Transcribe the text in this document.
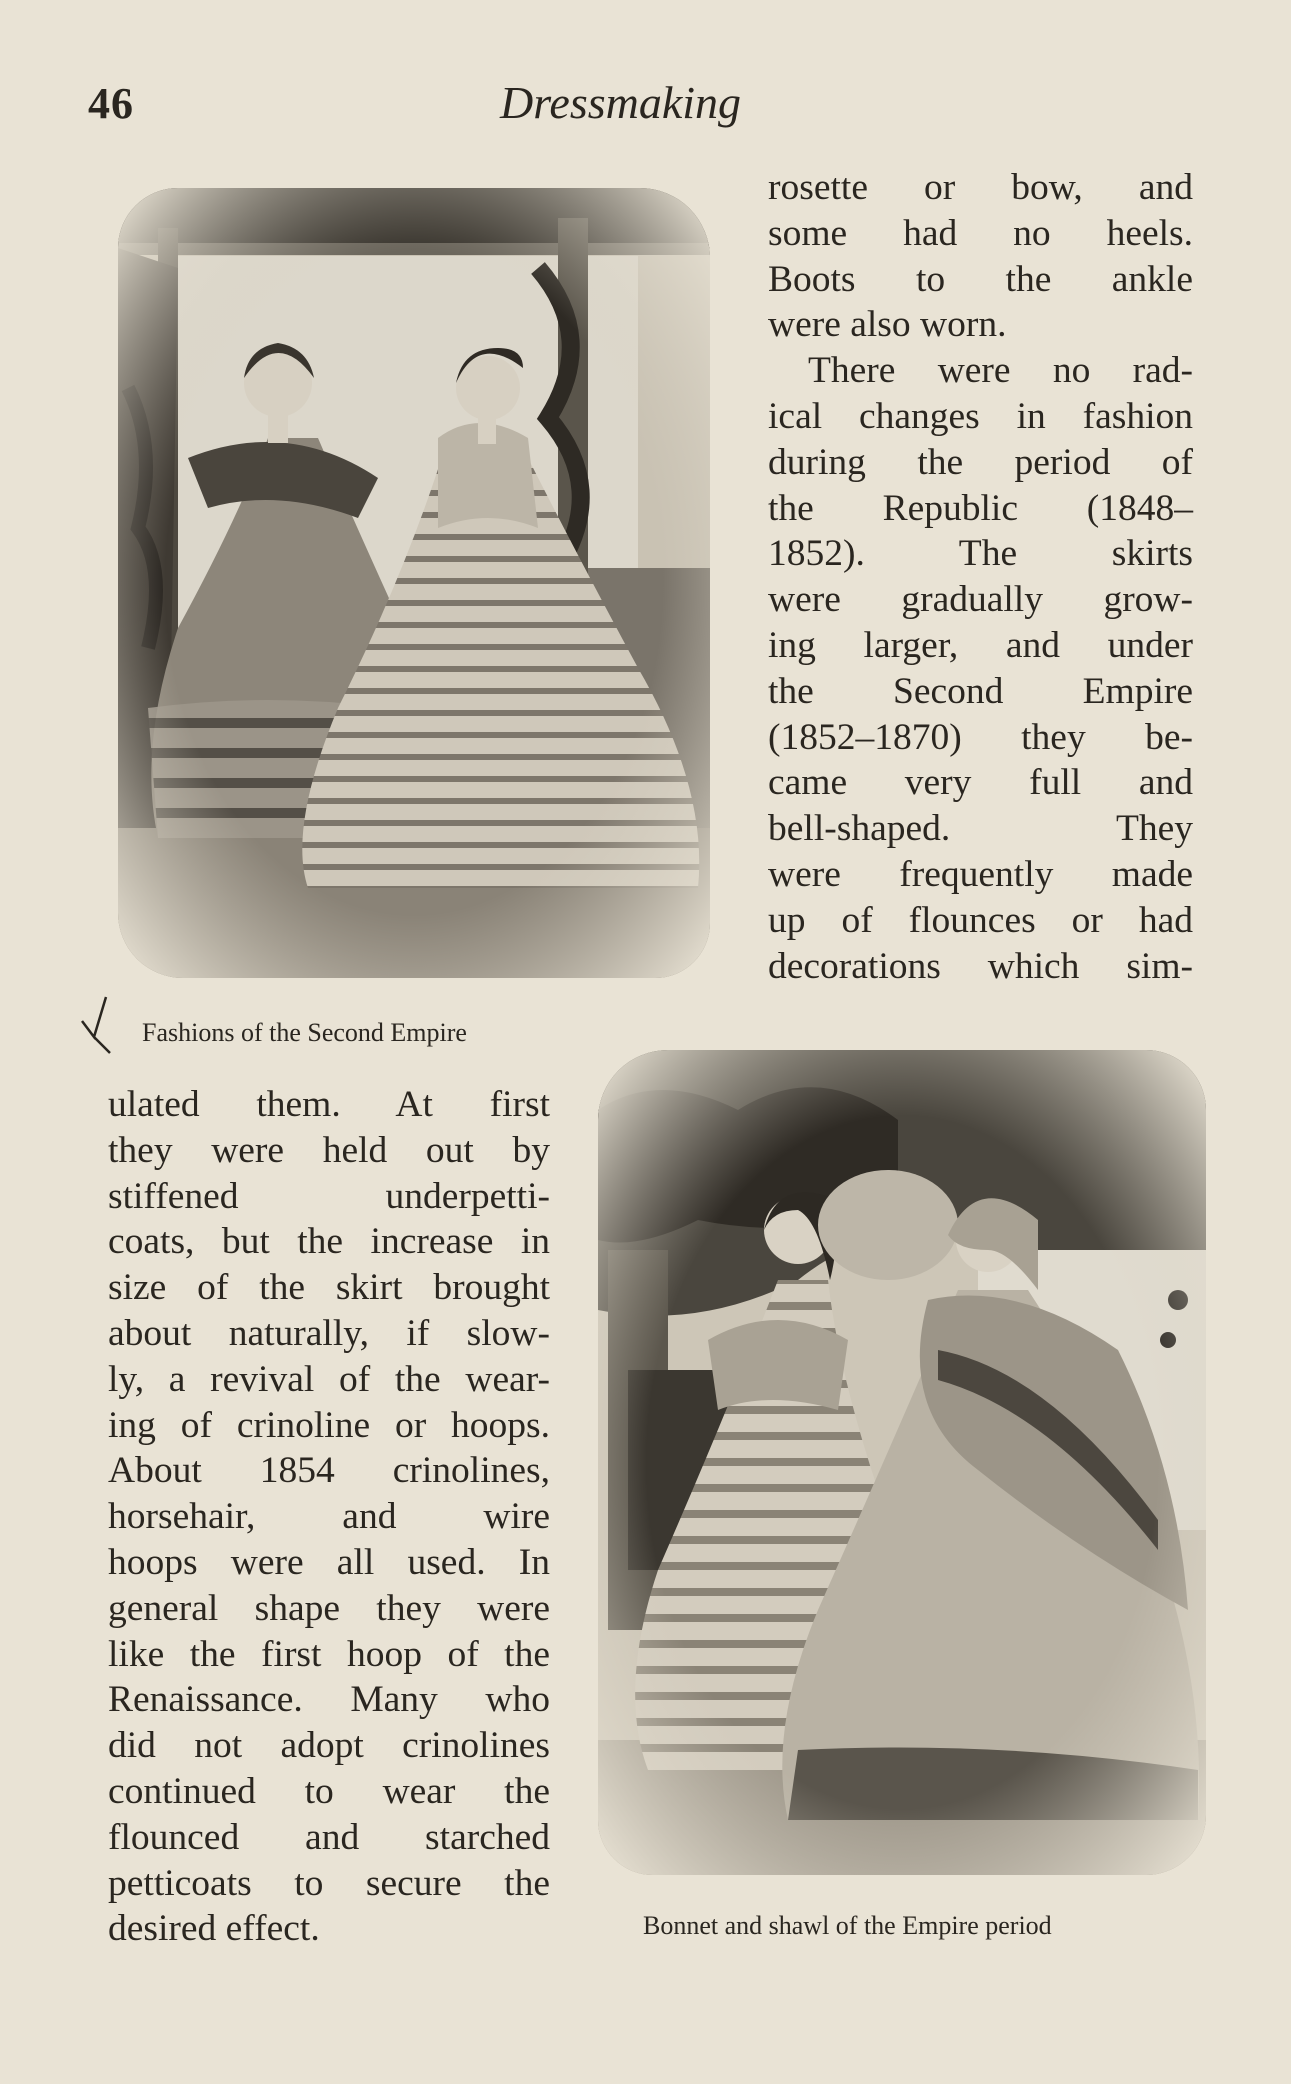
46	Dressmaking
Fashions of the Second Empire
Bonnet and shawl of the Empire period
rosette or bow, and
some had no heels.
Boots to the ankle
were also worn.
There were no rad-
ical changes in fashion
during the period of
the Republic (1848–
1852). The skirts
were gradually grow-
ing larger, and under
the Second Empire
(1852–1870) they be-
came very full and
bell-shaped. They
were frequently made
up of flounces or had
decorations which sim-
ulated them. At first
they were held out by
stiffened underpetti-
coats, but the increase in
size of the skirt brought
about naturally, if slow-
ly, a revival of the wear-
ing of crinoline or hoops.
About 1854 crinolines,
horsehair, and wire
hoops were all used. In
general shape they were
like the first hoop of the
Renaissance. Many who
did not adopt crinolines
continued to wear the
flounced and starched
petticoats to secure the
desired effect.
